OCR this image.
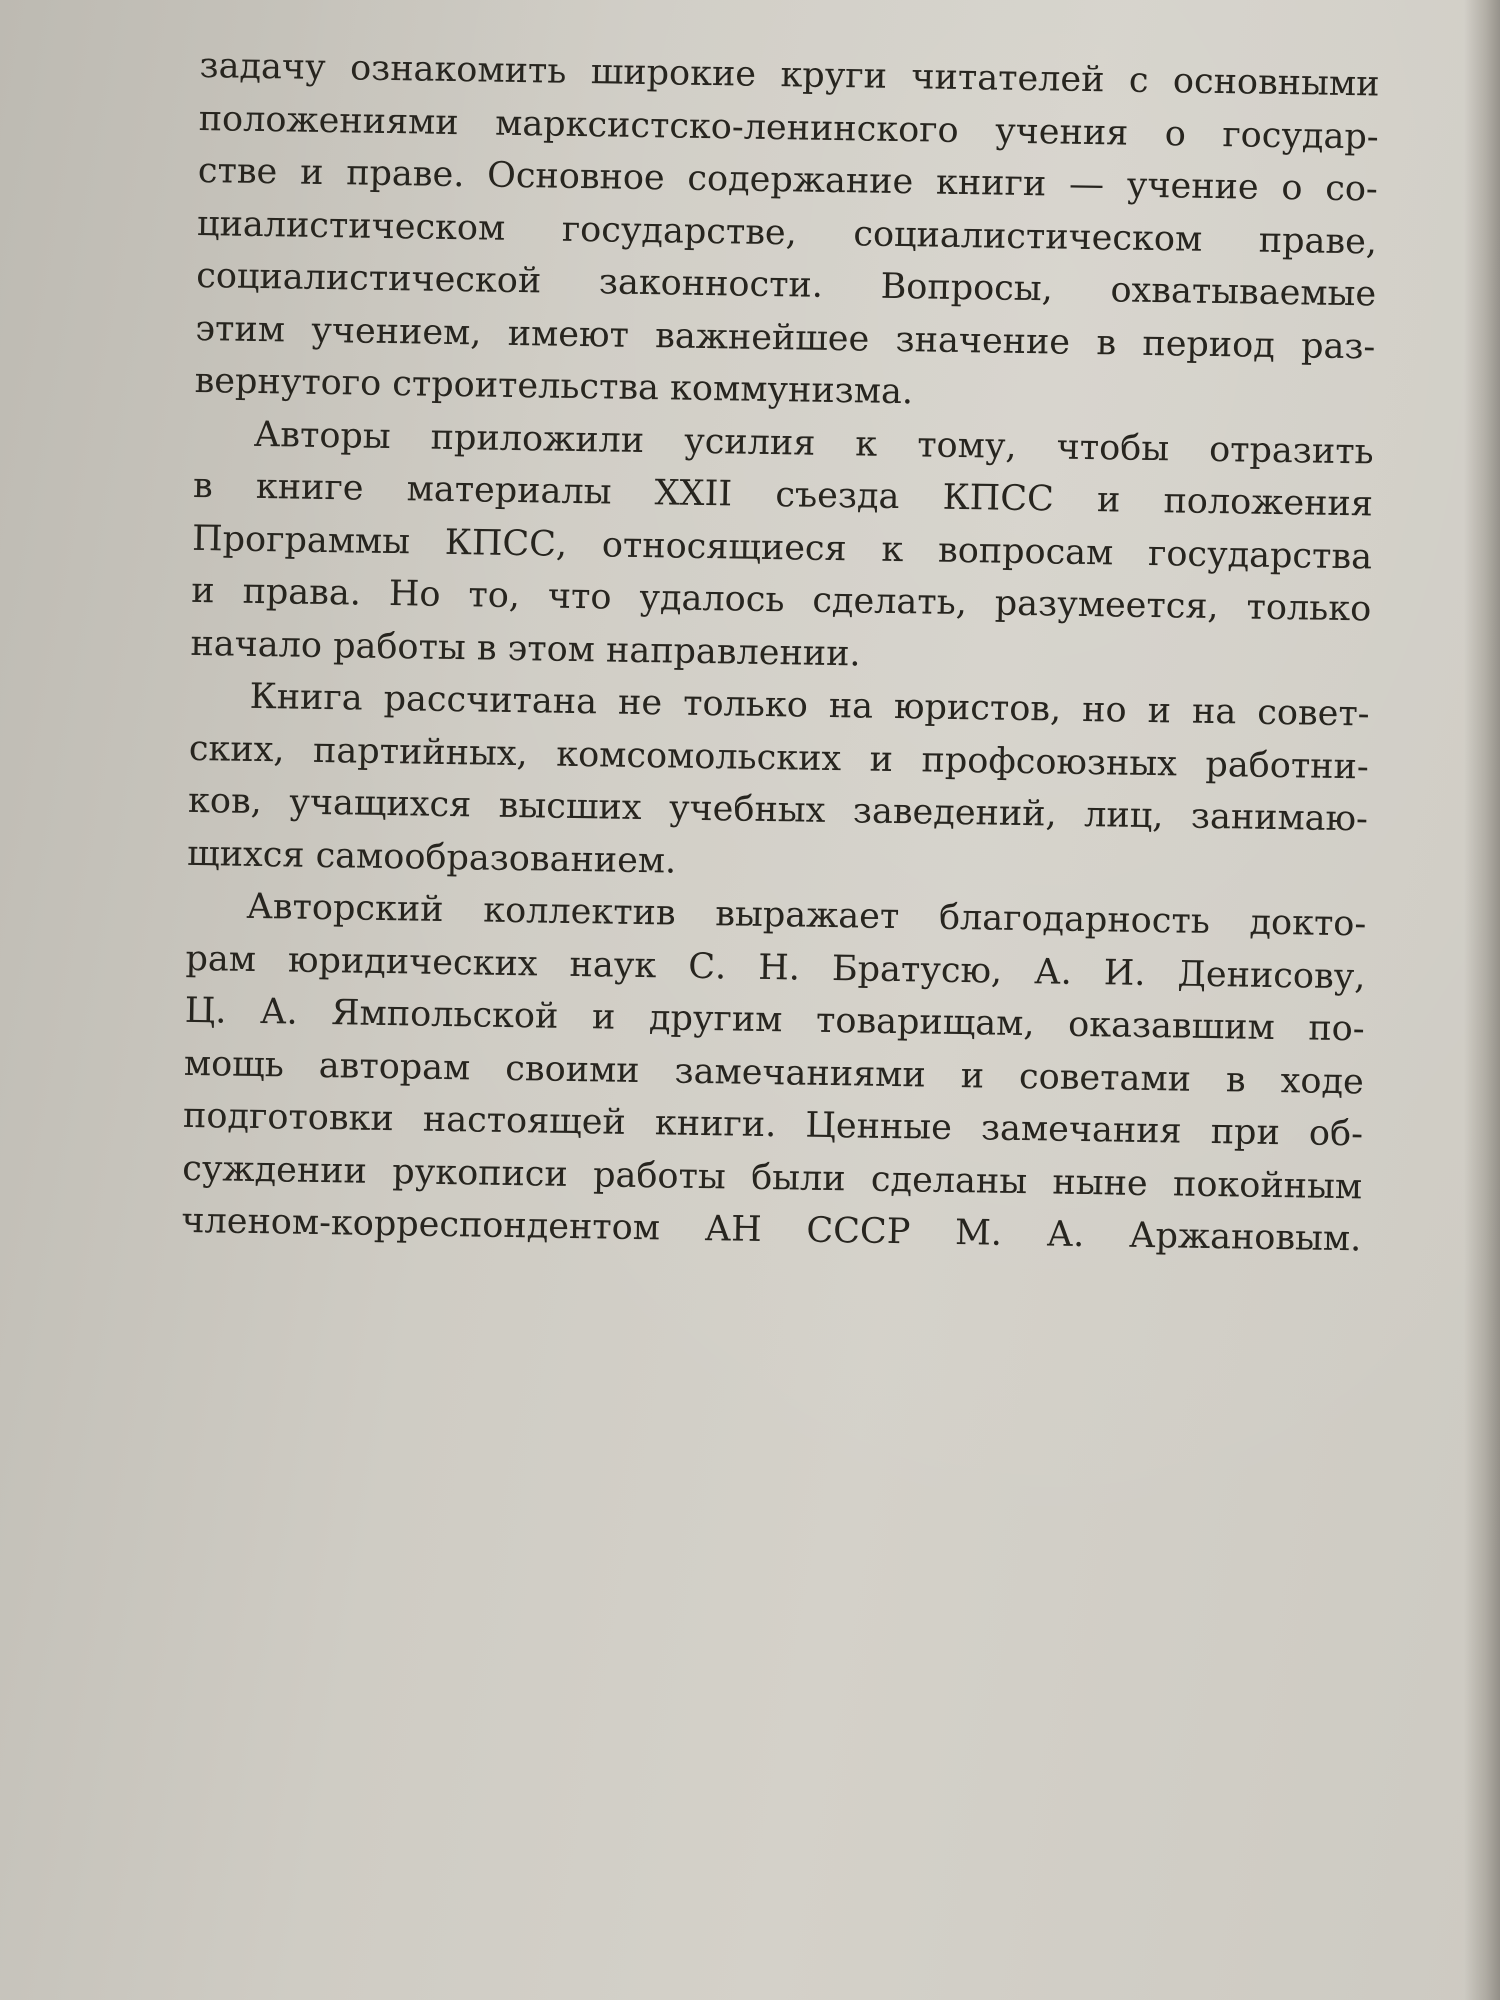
задачу ознакомить широкие круги читателей с основными
положениями марксистско-ленинского учения о государ-
стве и праве. Основное содержание книги — учение о со-
циалистическом государстве, социалистическом праве,
социалистической законности. Вопросы, охватываемые
этим учением, имеют важнейшее значение в период раз-
вернутого строительства коммунизма.
Авторы приложили усилия к тому, чтобы отразить
в книге материалы XXII съезда КПСС и положения
Программы КПСС, относящиеся к вопросам государства
и права. Но то, что удалось сделать, разумеется, только
начало работы в этом направлении.
Книга рассчитана не только на юристов, но и на совет-
ских, партийных, комсомольских и профсоюзных работни-
ков, учащихся высших учебных заведений, лиц, занимаю-
щихся самообразованием.
Авторский коллектив выражает благодарность докто-
рам юридических наук С. Н. Братусю, А. И. Денисову,
Ц. А. Ямпольской и другим товарищам, оказавшим по-
мощь авторам своими замечаниями и советами в ходе
подготовки настоящей книги. Ценные замечания при об-
суждении рукописи работы были сделаны ныне покойным
членом-корреспондентом АН СССР М. А. Аржановым.
